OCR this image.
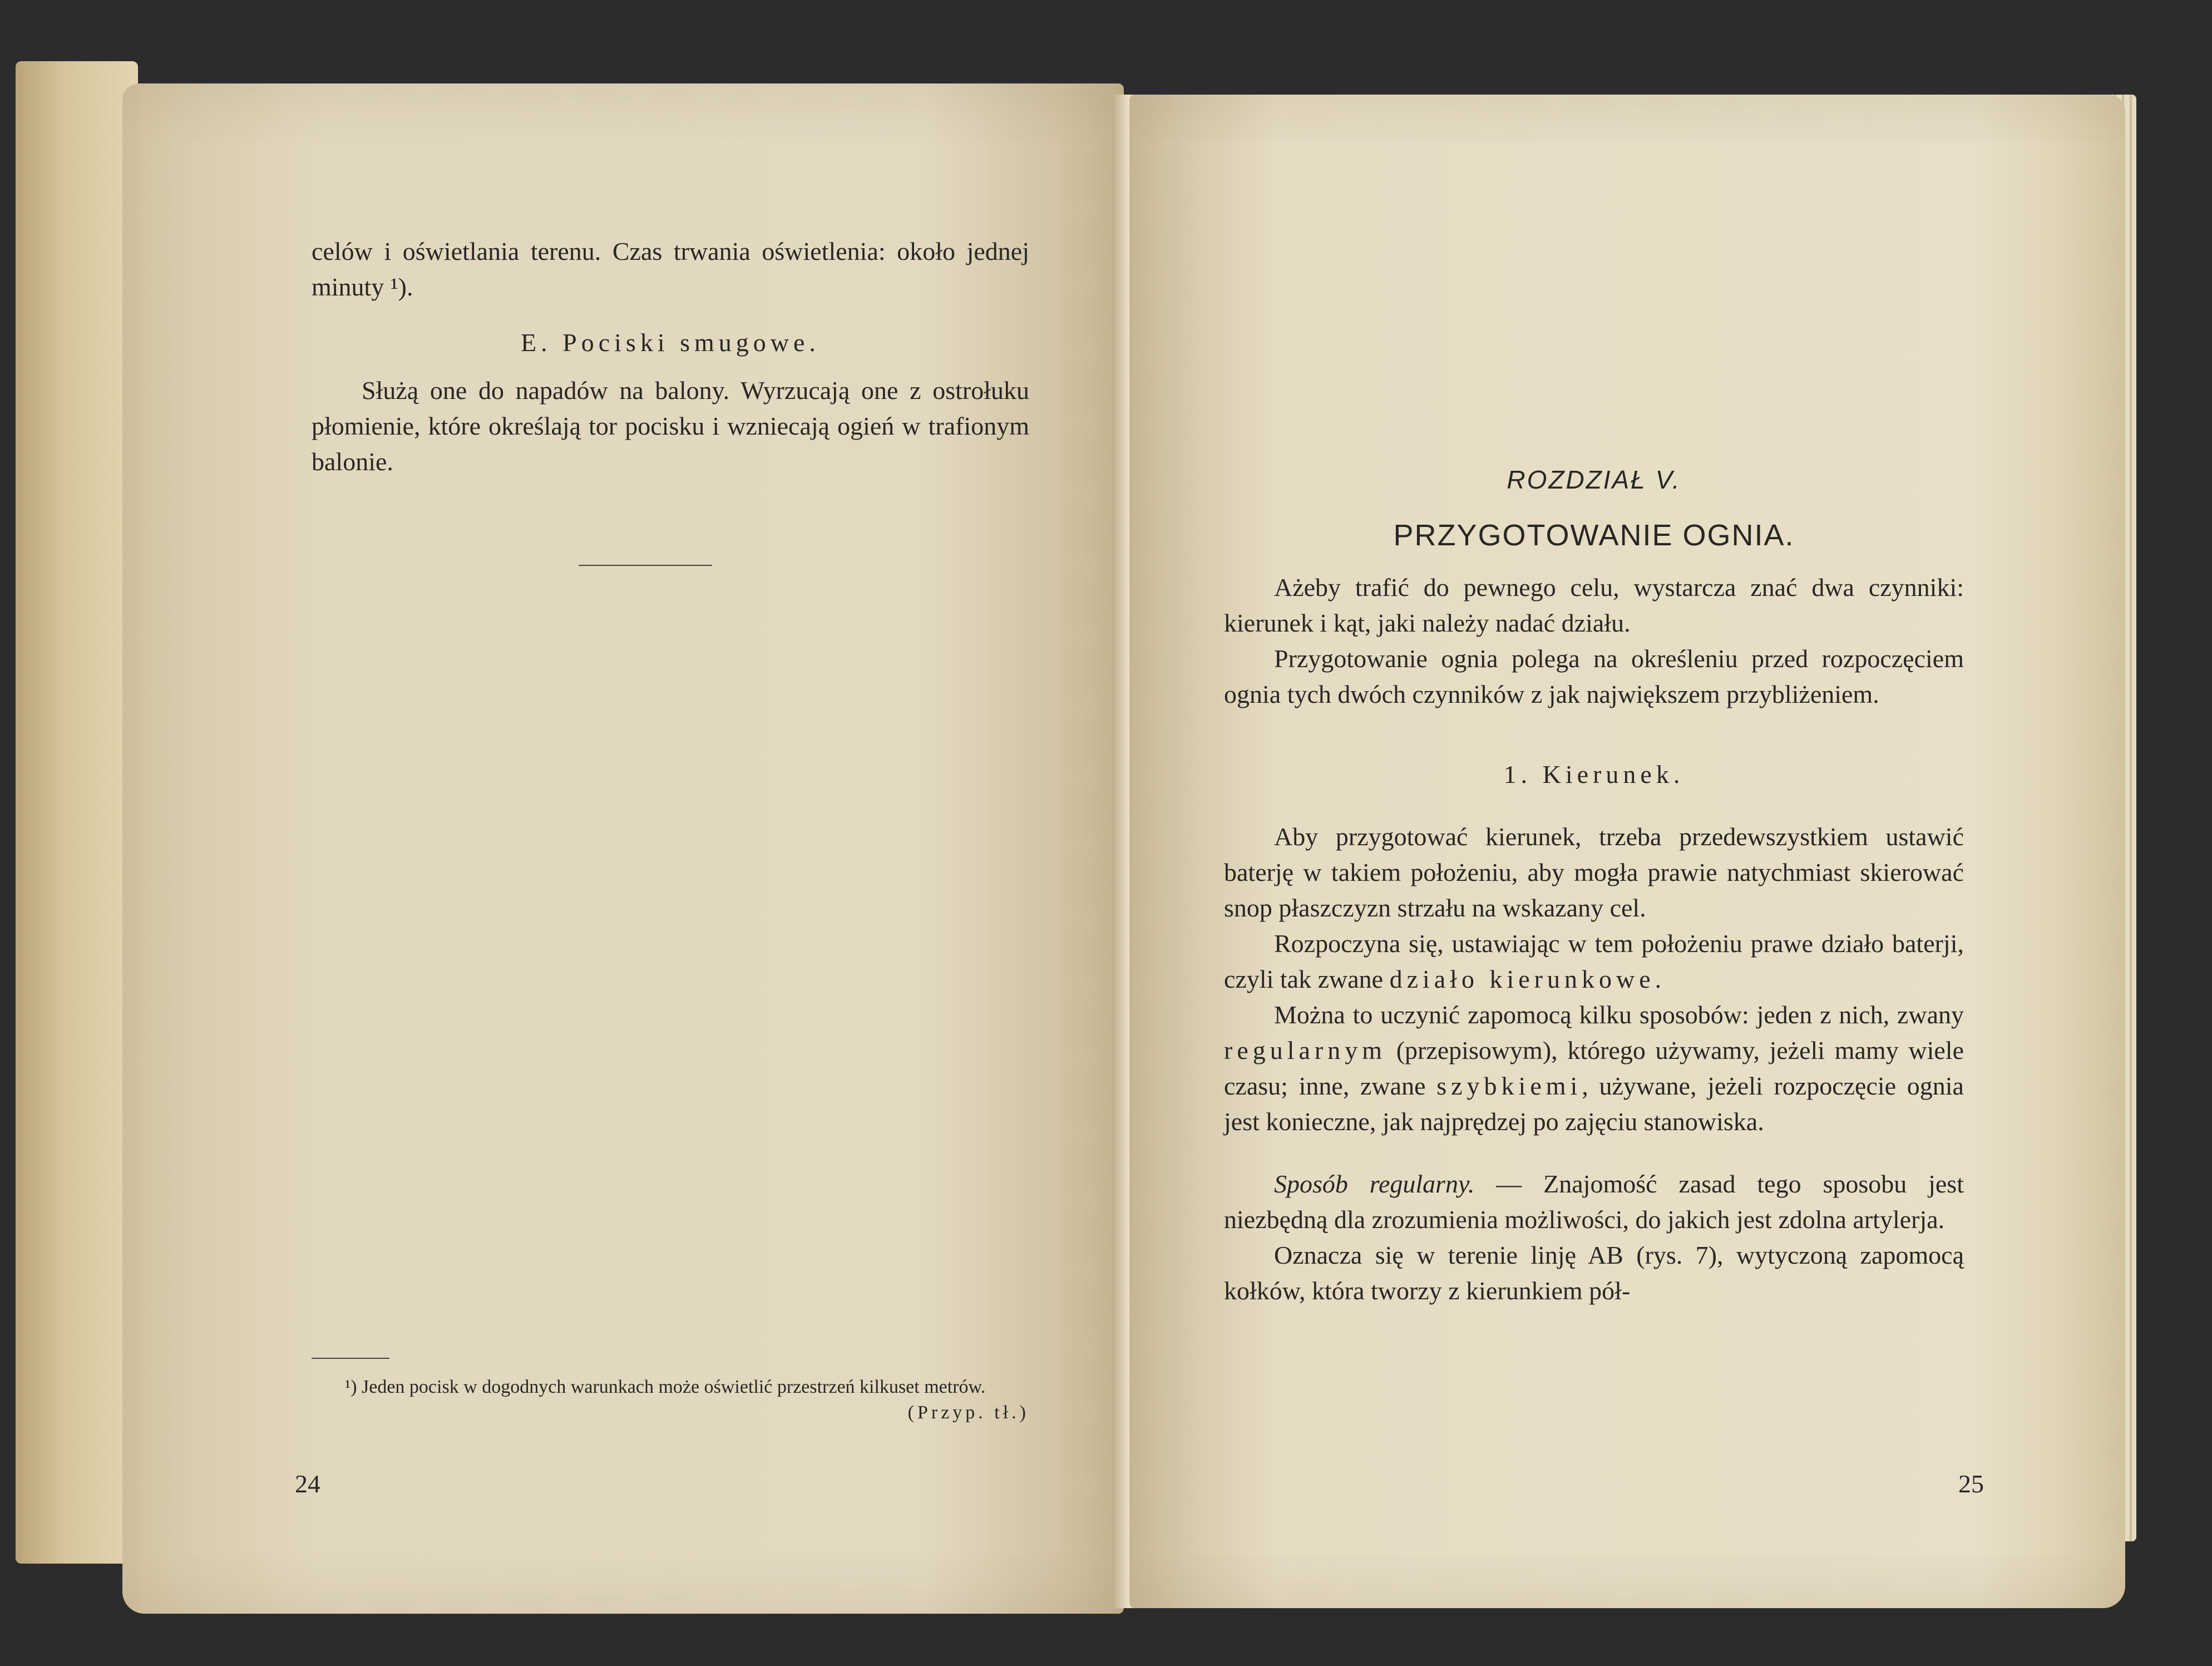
celów i oświetlania terenu. Czas trwania oświetlenia: około jednej minuty ¹).

E. Pociski smugowe.

Służą one do napadów na balony. Wyrzucają one z ostrołuku płomienie, które określają tor pocisku i wzniecają ogień w trafionym balonie.

¹) Jeden pocisk w dogodnych warunkach może oświetlić przestrzeń kilkuset metrów.

(Przyp. tł.)

24

ROZDZIAŁ V.

PRZYGOTOWANIE OGNIA.

Ażeby trafić do pewnego celu, wystarcza znać dwa czynniki: kierunek i kąt, jaki należy nadać działu.

Przygotowanie ognia polega na określeniu przed rozpoczęciem ognia tych dwóch czynników z jak największem przybliżeniem.

1. Kierunek.

Aby przygotować kierunek, trzeba przedewszystkiem ustawić baterję w takiem położeniu, aby mogła prawie natychmiast skierować snop płaszczyzn strzału na wskazany cel.

Rozpoczyna się, ustawiając w tem położeniu prawe działo baterji, czyli tak zwane działo kierunkowe.

Można to uczynić zapomocą kilku sposobów: jeden z nich, zwany regularnym (przepisowym), którego używamy, jeżeli mamy wiele czasu; inne, zwane szybkiemi, używane, jeżeli rozpoczęcie ognia jest konieczne, jak najprędzej po zajęciu stanowiska.

Sposób regularny. — Znajomość zasad tego sposobu jest niezbędną dla zrozumienia możliwości, do jakich jest zdolna artylerja.

Oznacza się w terenie linję AB (rys. 7), wytyczoną zapomocą kołków, która tworzy z kierunkiem pół-

25
